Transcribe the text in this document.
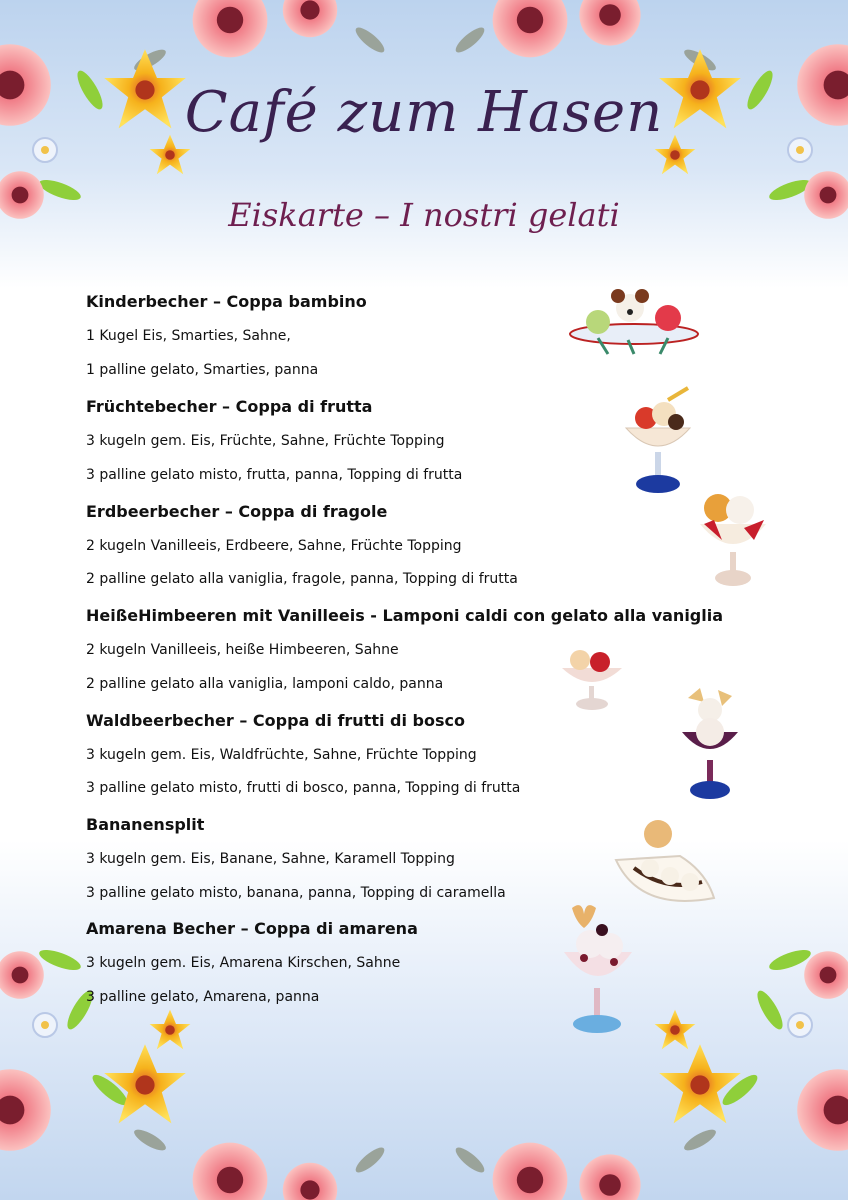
Café zum Hasen
Eiskarte – I nostri gelati
Kinderbecher – Coppa bambino
1 Kugel Eis, Smarties, Sahne,
1 palline gelato, Smarties, panna
Früchtebecher – Coppa di frutta
3 kugeln gem. Eis, Früchte, Sahne, Früchte Topping
3 palline gelato misto, frutta, panna, Topping di frutta
Erdbeerbecher – Coppa di fragole
2 kugeln Vanilleeis, Erdbeere, Sahne, Früchte Topping
2 palline gelato alla vaniglia, fragole, panna, Topping di frutta
HeißeHimbeeren mit Vanilleeis - Lamponi caldi con gelato alla vaniglia
2 kugeln Vanilleeis, heiße Himbeeren, Sahne
2 palline gelato alla vaniglia, lamponi caldo, panna
Waldbeerbecher – Coppa di frutti di bosco
3 kugeln gem. Eis, Waldfrüchte, Sahne, Früchte Topping
3 palline gelato misto, frutti di bosco, panna, Topping di frutta
Bananensplit
3 kugeln gem. Eis, Banane, Sahne, Karamell Topping
3 palline gelato misto, banana, panna, Topping di caramella
Amarena Becher – Coppa di amarena
3 kugeln gem. Eis, Amarena Kirschen, Sahne
3 palline gelato, Amarena, panna
